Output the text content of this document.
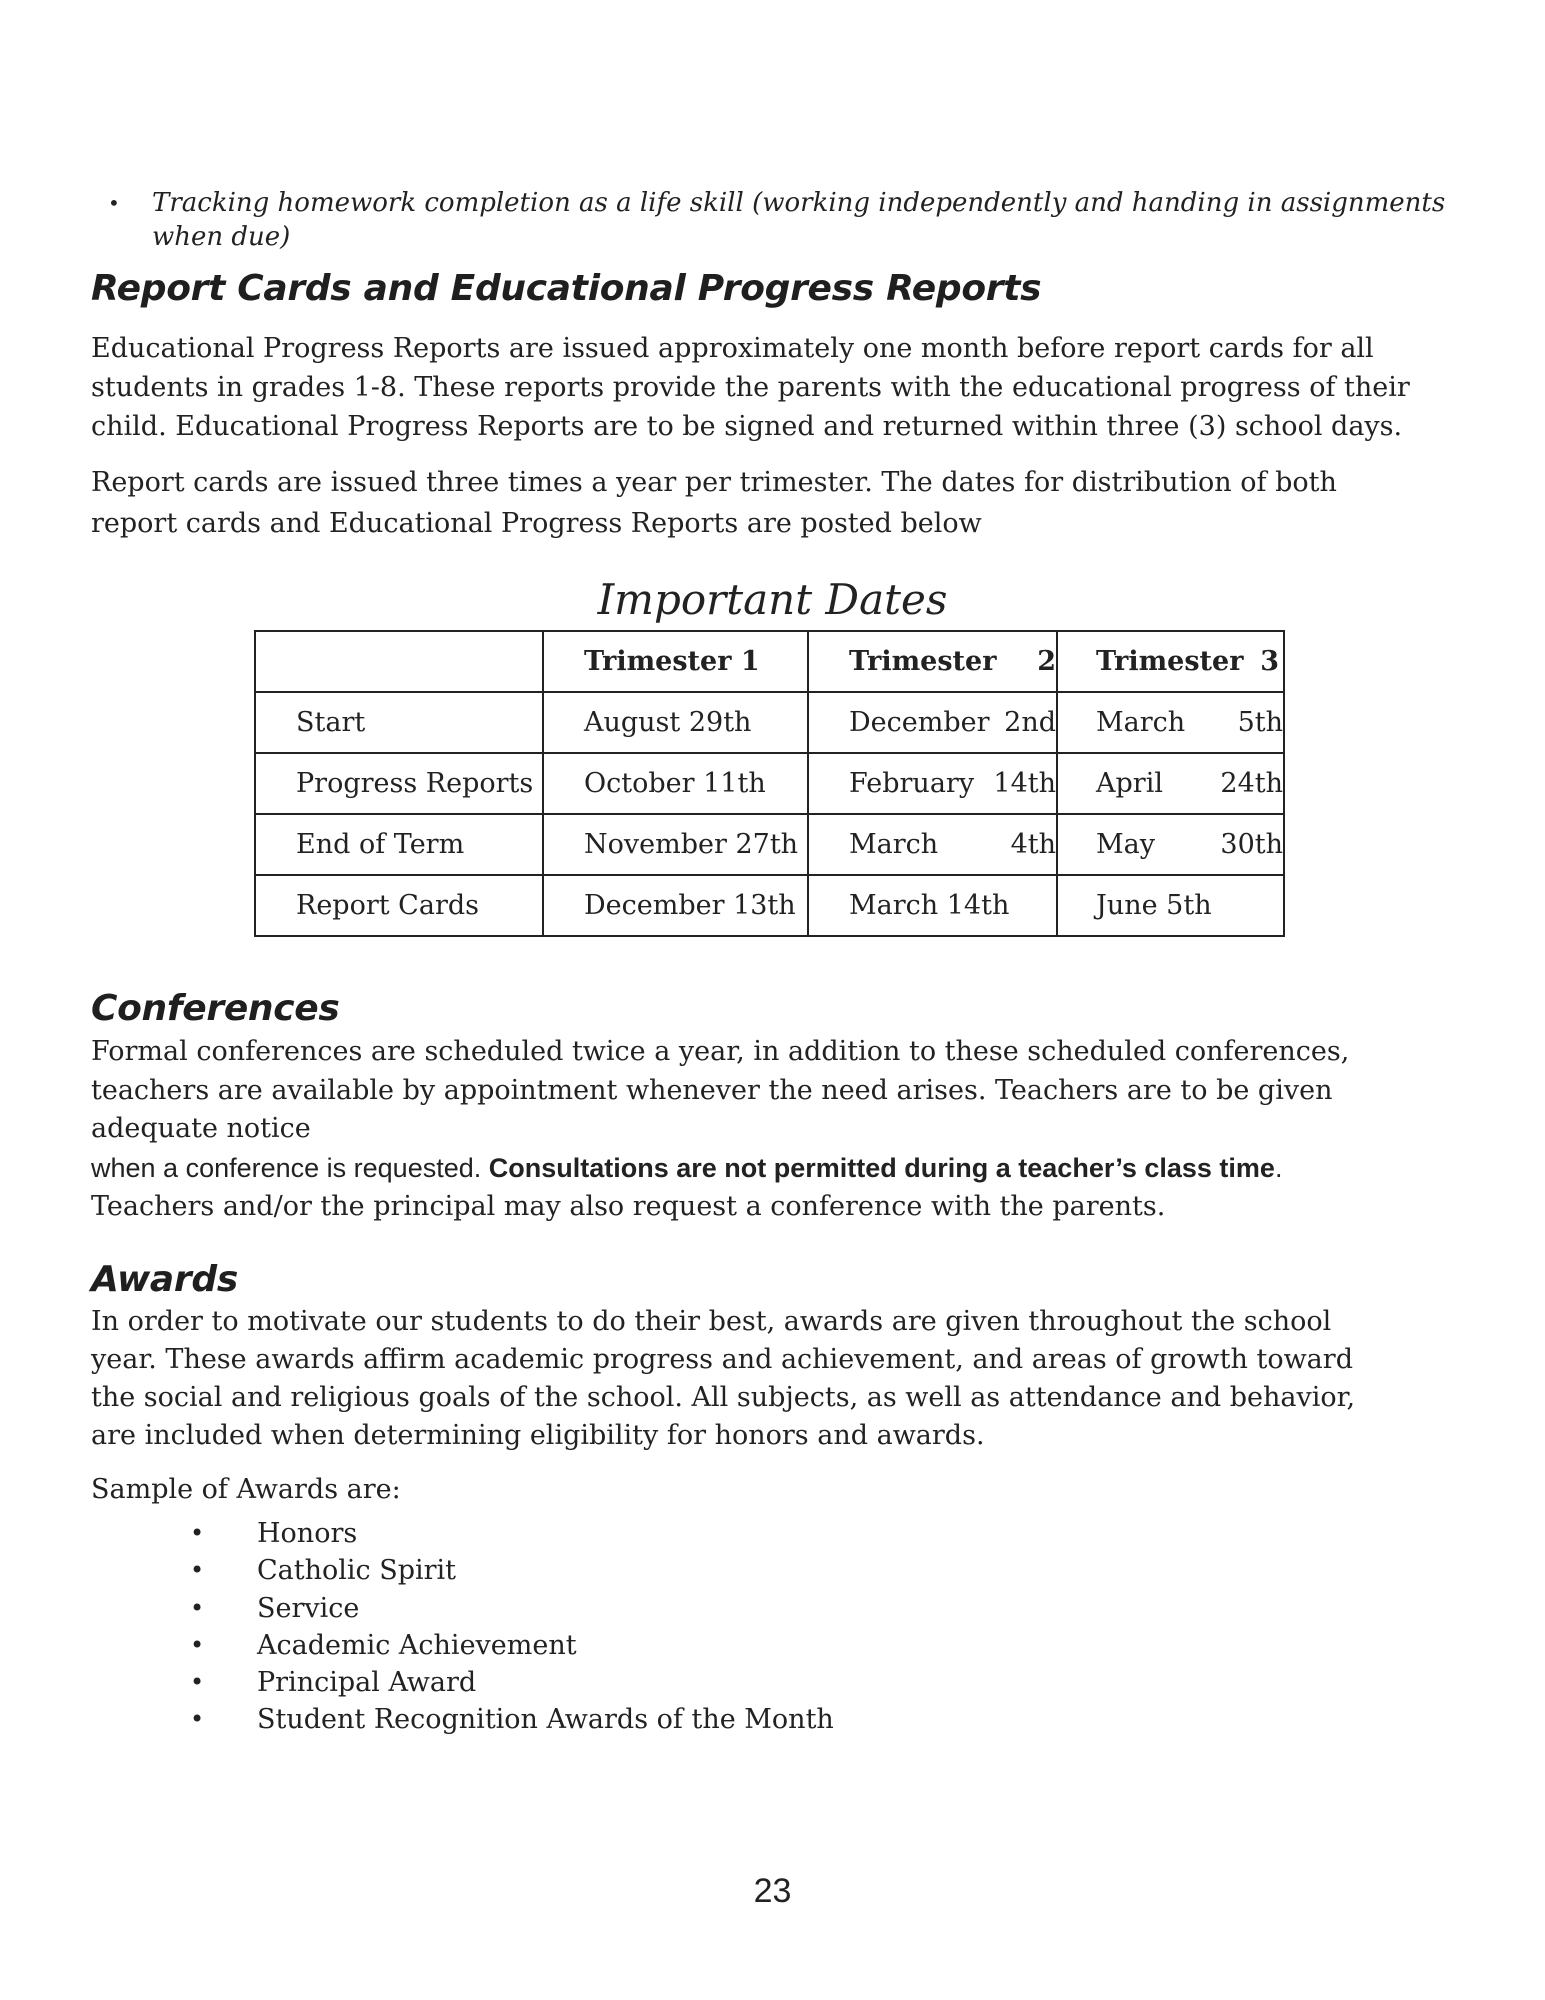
•	Tracking homework completion as a life skill (working independently and handing in assignments when due)
Report Cards and Educational Progress Reports

Educational Progress Reports are issued approximately one month before report cards for all students in grades 1-8. These reports provide the parents with the educational progress of their child. Educational Progress Reports are to be signed and returned within three (3) school days.

Report cards are issued three times a year per trimester. The dates for distribution of both report cards and Educational Progress Reports are posted below

Important Dates

	Trimester 1	Trimester 2	Trimester 3

Start	August 29th	December 2nd	March 5th

Progress Reports	October 11th	February 14th	April 24th

End of Term	November 27th	March 4th	May 30th

Report Cards	December 13th	March 14th	June 5th
Conferences

Formal conferences are scheduled twice a year, in addition to these scheduled conferences, teachers are available by appointment whenever the need arises. Teachers are to be given adequate notice
when a conference is requested. Consultations are not permitted during a teacher’s class time.
Teachers and/or the principal may also request a conference with the parents.

Awards

In order to motivate our students to do their best, awards are given throughout the school year. These awards affirm academic progress and achievement, and areas of growth toward the social and religious goals of the school. All subjects, as well as attendance and behavior, are included when determining eligibility for honors and awards.

Sample of Awards are:

•	Honors
•	Catholic Spirit
•	Service
•	Academic Achievement
•	Principal Award
•	Student Recognition Awards of the Month
23
